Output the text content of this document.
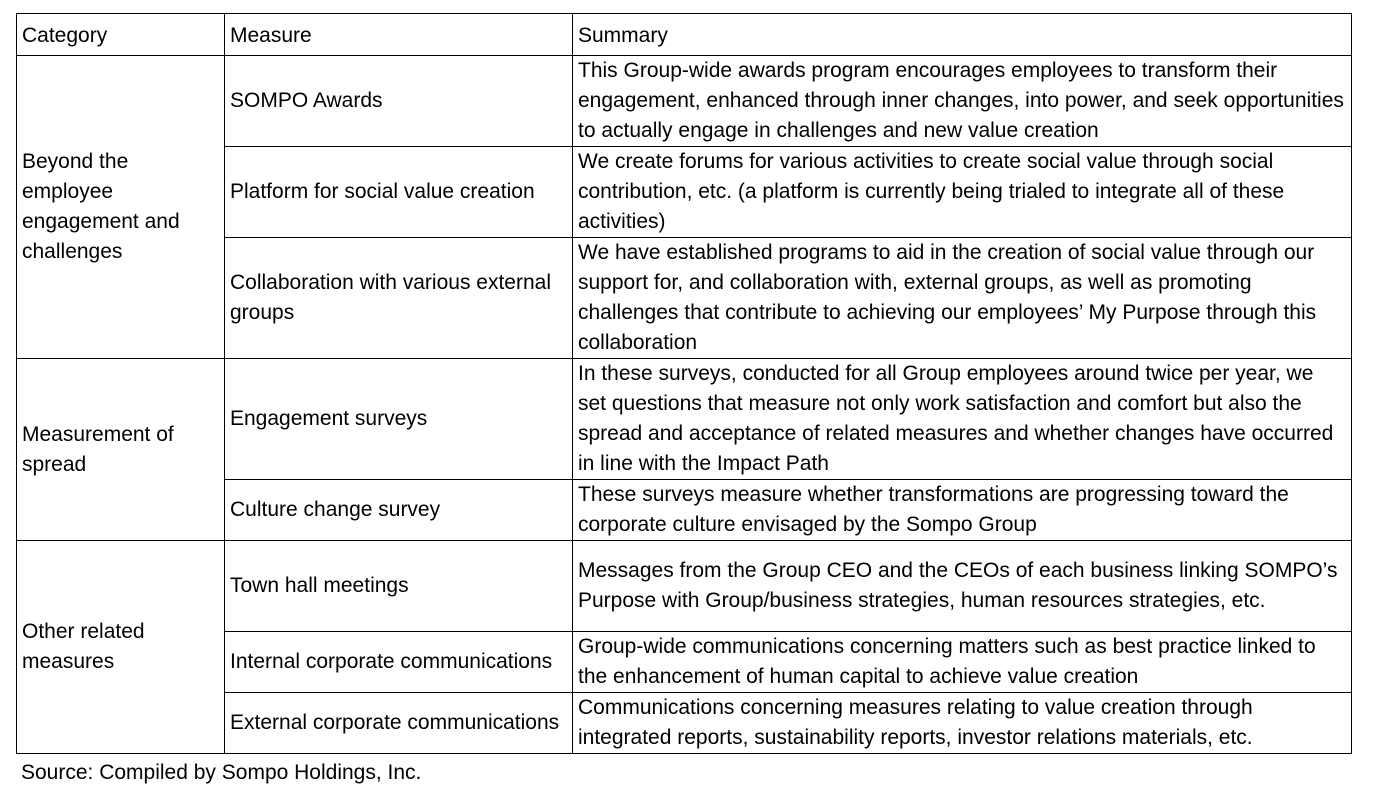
Category	Measure	Summary
Beyond the employee engagement and challenges	SOMPO Awards	This Group-wide awards program encourages employees to transform their engagement, enhanced through inner changes, into power, and seek opportunities to actually engage in challenges and new value creation
	Platform for social value creation	We create forums for various activities to create social value through social contribution, etc. (a platform is currently being trialed to integrate all of these activities)
	Collaboration with various external groups	We have established programs to aid in the creation of social value through our support for, and collaboration with, external groups, as well as promoting challenges that contribute to achieving our employees’ My Purpose through this collaboration
Measurement of spread	Engagement surveys	In these surveys, conducted for all Group employees around twice per year, we set questions that measure not only work satisfaction and comfort but also the spread and acceptance of related measures and whether changes have occurred in line with the Impact Path
	Culture change survey	These surveys measure whether transformations are progressing toward the corporate culture envisaged by the Sompo Group
Other related measures	Town hall meetings	Messages from the Group CEO and the CEOs of each business linking SOMPO’s Purpose with Group/business strategies, human resources strategies, etc.
	Internal corporate communications	Group-wide communications concerning matters such as best practice linked to the enhancement of human capital to achieve value creation
	External corporate communications	Communications concerning measures relating to value creation through integrated reports, sustainability reports, investor relations materials, etc.
Source: Compiled by Sompo Holdings, Inc.
